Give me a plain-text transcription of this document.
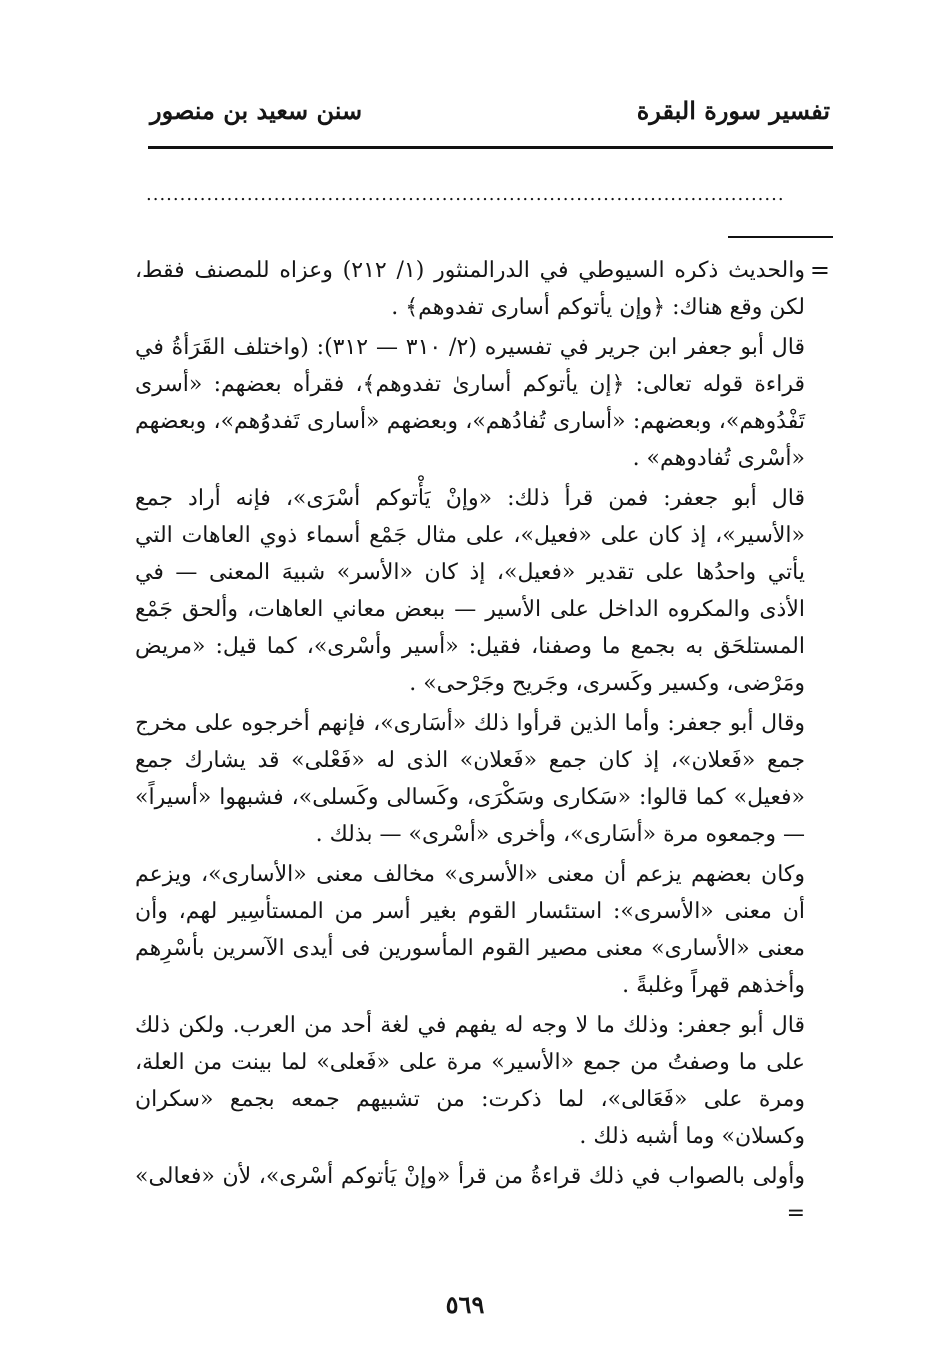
تفسير سورة البقرة
سنن سعيد بن منصور
...............................................................................................
=

والحديث ذكره السيوطي في الدرالمنثور (١/ ٢١٢) وعزاه للمصنف فقط، لكن وقع هناك: ﴿وإن يأتوكم أسارى تفدوهم﴾ .

قال أبو جعفر ابن جرير في تفسيره (٢/ ٣١٠ — ٣١٢): (واختلف القَرَأةُ في قراءة قوله تعالى: ﴿إن يأتوكم أسارىٰ تفدوهم﴾، فقرأه بعضهم: «أسرى تَفْدُوهم»، وبعضهم: «أسارى تُفادُهم»، وبعضهم «أسارى تَفدوُهم»، وبعضهم «أسْرى تُفادوهم» .

قال أبو جعفر: فمن قرأ ذلك: «وإنْ يَأْتوكم أسْرَى»، فإنه أراد جمع «الأسير»، إذ كان على «فعيل»، على مثال جَمْع أسماء ذوي العاهات التي يأتي واحدُها على تقدير «فعيل»، إذ كان «الأسر» شبيهَ المعنى — في الأذى والمكروه الداخل على الأسير — ببعض معاني العاهات، وألحق جَمْع المستلحَق به بجمع ما وصفنا، فقيل: «أسير وأسْرى»، كما قيل: «مريض ومَرْضى، وكسير وكَسرى، وجَريح وجَرْحى» .

وقال أبو جعفر: وأما الذين قرأوا ذلك «أسَارى»، فإنهم أخرجوه على مخرج جمع «فَعلان»، إذ كان جمع «فَعلان» الذى له «فَعْلى» قد يشارك جمع «فعيل» كما قالوا: «سَكارى وسَكْرَى، وكَسالى وكَسلى»، فشبهوا «أسيراً» — وجمعوه مرة «أسَارى»، وأخرى «أسْرى» — بذلك .

وكان بعضهم يزعم أن معنى «الأسرى» مخالف معنى «الأسارى»، ويزعم أن معنى «الأسرى»: استئسار القوم بغير أسر من المستأسِير لهم، وأن معنى «الأسارى» معنى مصير القوم المأسورين فى أيدى الآسرين بأسْرِهم وأخذهم قهراً وغلبةً .

قال أبو جعفر: وذلك ما لا وجه له يفهم في لغة أحد من العرب. ولكن ذلك على ما وصفتُ من جمع «الأسير» مرة على «فَعلى» لما بينت من العلة، ومرة على «فَعَالى»، لما ذكرت: من تشبيهم جمعه بجمع «سكران وكسلان» وما أشبه ذلك .

وأولى بالصواب في ذلك قراءةُ من قرأ «وإنْ يَأتوكم أسْرى»، لأن «فعالى» =

٥٦٩
